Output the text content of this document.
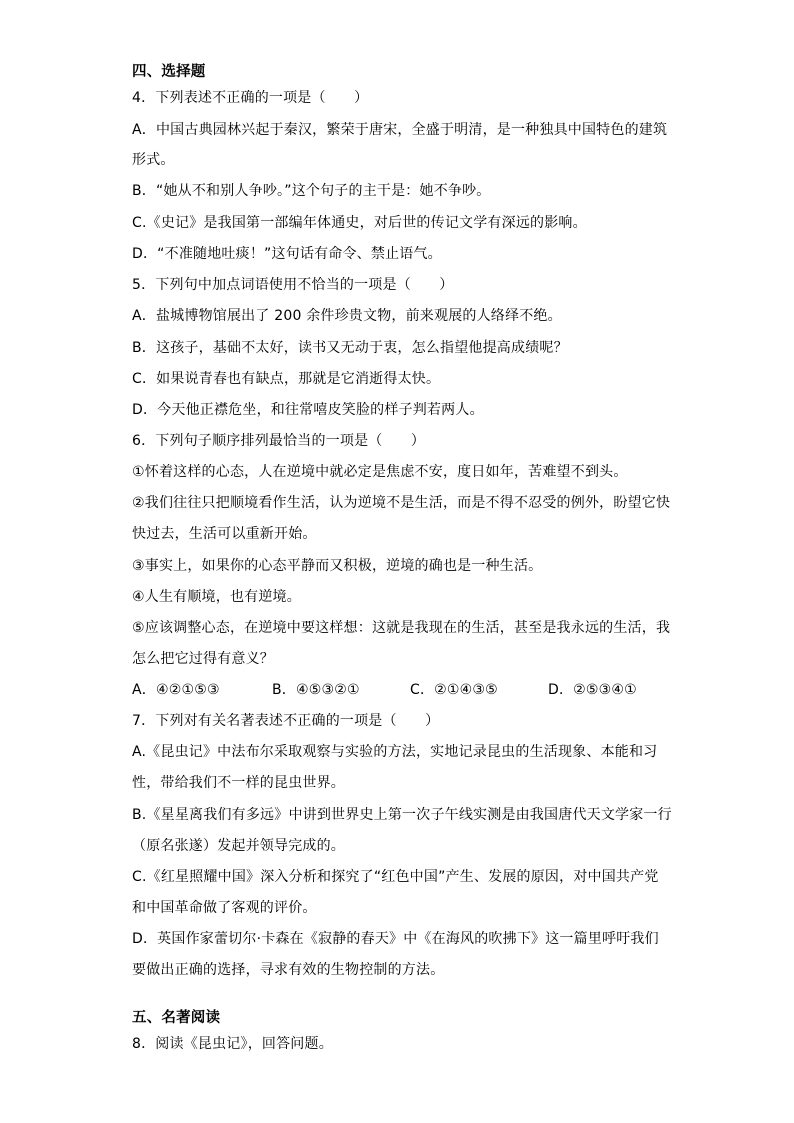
四、选择题
4．下列表述不正确的一项是（　　）
A．中国古典园林兴起于秦汉，繁荣于唐宋，全盛于明清，是一种独具中国特色的建筑
形式。
B．“她从不和别人争吵。”这个句子的主干是：她不争吵。
C.《史记》是我国第一部编年体通史，对后世的传记文学有深远的影响。
D．“不准随地吐痰！”这句话有命令、禁止语气。
5．下列句中加点词语使用不恰当的一项是（　　）
A．盐城博物馆展出了 200 余件珍贵文物，前来观展的人络绎不绝。
B．这孩子，基础不太好，读书又无动于衷，怎么指望他提高成绩呢？
C．如果说青春也有缺点，那就是它消逝得太快。
D．今天他正襟危坐，和往常嘻皮笑脸的样子判若两人。
6．下列句子顺序排列最恰当的一项是（　　）
①怀着这样的心态，人在逆境中就必定是焦虑不安，度日如年，苦难望不到头。
②我们往往只把顺境看作生活，认为逆境不是生活，而是不得不忍受的例外，盼望它快
快过去，生活可以重新开始。
③事实上，如果你的心态平静而又积极，逆境的确也是一种生活。
④人生有顺境，也有逆境。
⑤应该调整心态，在逆境中要这样想：这就是我现在的生活，甚至是我永远的生活，我
怎么把它过得有意义？
A．④②①⑤③	B．④⑤③②①	C．②①④③⑤	D．②⑤③④①
7．下列对有关名著表述不正确的一项是（　　）
A.《昆虫记》中法布尔采取观察与实验的方法，实地记录昆虫的生活现象、本能和习
性，带给我们不一样的昆虫世界。
B.《星星离我们有多远》中讲到世界史上第一次子午线实测是由我国唐代天文学家一行
（原名张遂）发起并领导完成的。
C.《红星照耀中国》深入分析和探究了“红色中国”产生、发展的原因，对中国共产党
和中国革命做了客观的评价。
D．英国作家蕾切尔·卡森在《寂静的春天》中《在海风的吹拂下》这一篇里呼吁我们
要做出正确的选择，寻求有效的生物控制的方法。
五、名著阅读
8．阅读《昆虫记》，回答问题。
